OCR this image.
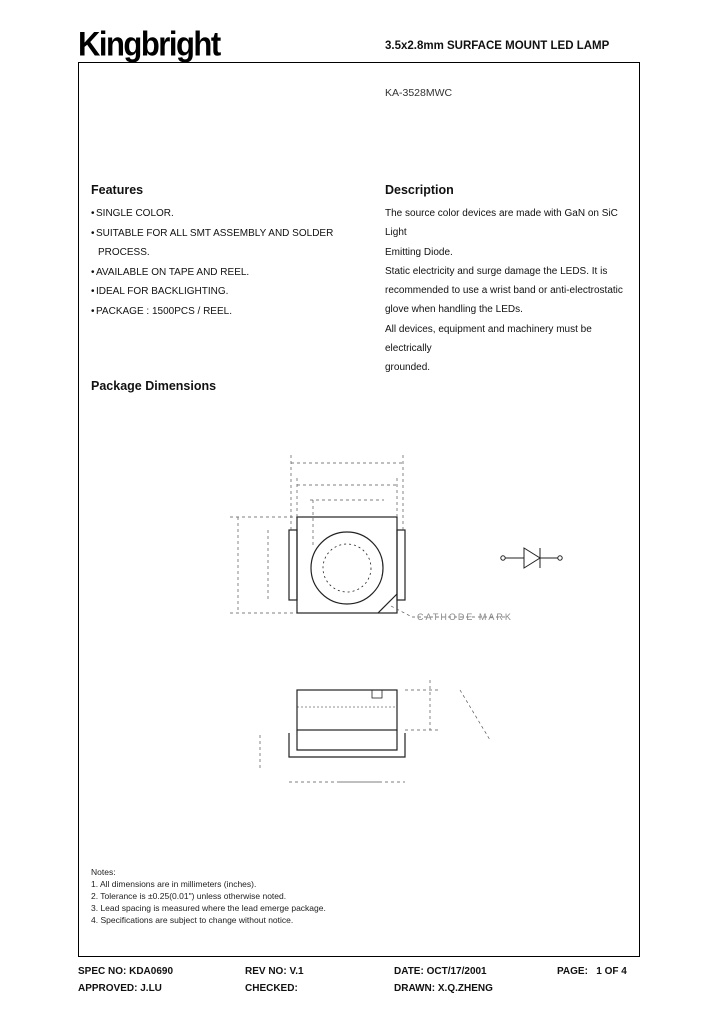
Kingbright	3.5x2.8mm SURFACE MOUNT LED LAMP
KA-3528MWC
Features
•SINGLE COLOR.
•SUITABLE FOR ALL SMT ASSEMBLY AND SOLDER
PROCESS.
•AVAILABLE ON TAPE AND REEL.
•IDEAL FOR BACKLIGHTING.
•PACKAGE : 1500PCS / REEL.
Description
The source color devices are made with GaN on SiC Light
Emitting Diode.
Static electricity and surge damage the LEDS. It is
recommended to use a wrist band or anti-electrostatic
glove when handling the LEDs.
All devices, equipment and machinery must be electrically
grounded.
Package Dimensions
CATHODE MARK
Notes:
1. All dimensions are in millimeters (inches).
2. Tolerance is ±0.25(0.01") unless otherwise noted.
3. Lead spacing is measured where the lead emerge package.
4. Specifications are subject to change without notice.
SPEC NO: KDA0690	REV NO: V.1	DATE: OCT/17/2001	PAGE:   1 OF 4
APPROVED: J.LU	CHECKED:	DRAWN: X.Q.ZHENG
